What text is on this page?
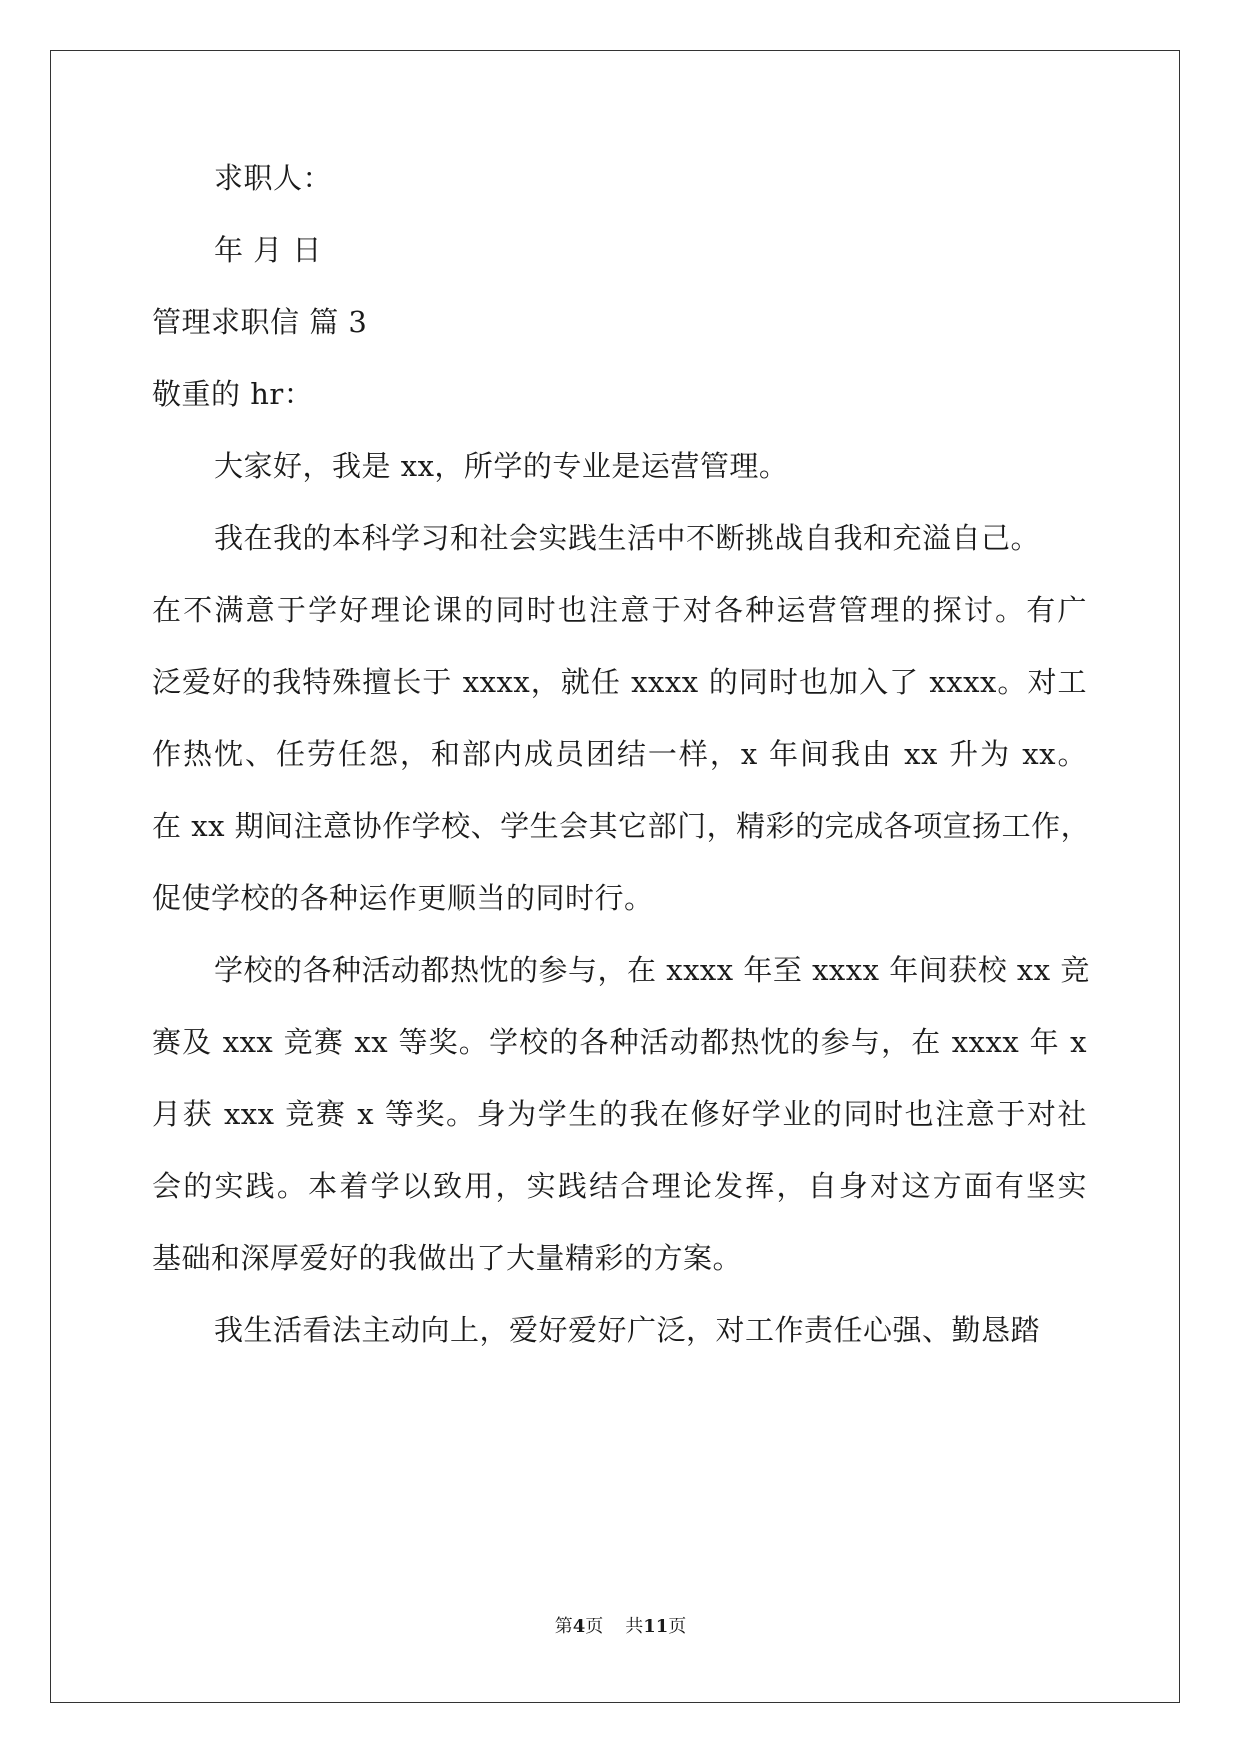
求职人：
年 月 日
管理求职信 篇 3
敬重的 hr：
大家好，我是 xx，所学的专业是运营管理。
我在我的本科学习和社会实践生活中不断挑战自我和充溢自己。
在不满意于学好理论课的同时也注意于对各种运营管理的探讨。有广
泛爱好的我特殊擅长于 xxxx，就任 xxxx 的同时也加入了 xxxx。对工
作热忱、任劳任怨，和部内成员团结一样，x 年间我由 xx 升为 xx。
在 xx 期间注意协作学校、学生会其它部门，精彩的完成各项宣扬工作，
促使学校的各种运作更顺当的同时行。
学校的各种活动都热忱的参与，在 xxxx 年至 xxxx 年间获校 xx 竞
赛及 xxx 竞赛 xx 等奖。学校的各种活动都热忱的参与，在 xxxx 年 x
月获 xxx 竞赛 x 等奖。身为学生的我在修好学业的同时也注意于对社
会的实践。本着学以致用，实践结合理论发挥，自身对这方面有坚实
基础和深厚爱好的我做出了大量精彩的方案。
我生活看法主动向上，爱好爱好广泛，对工作责任心强、勤恳踏
第4页 共11页
